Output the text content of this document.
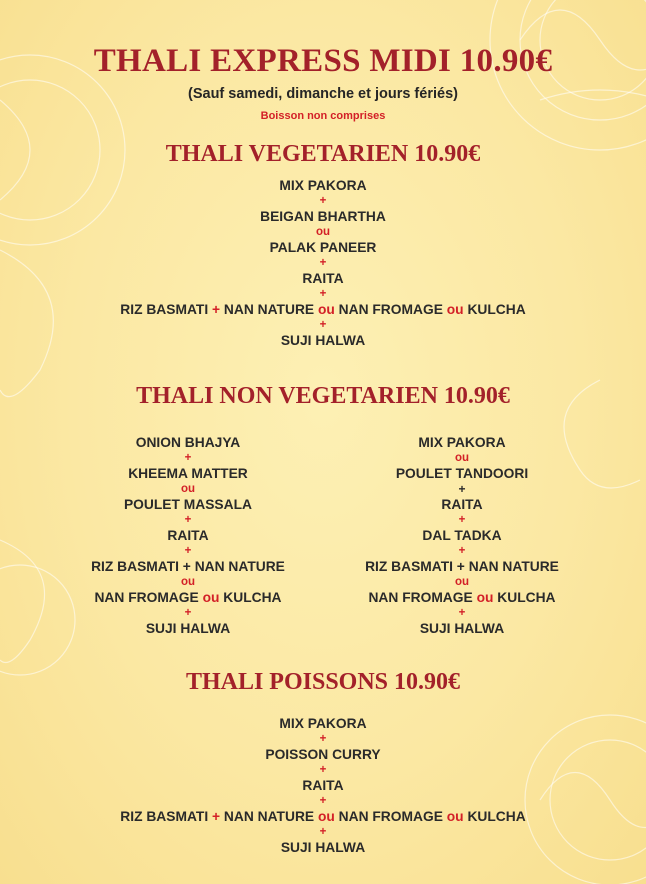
THALI EXPRESS MIDI 10.90€
(Sauf samedi, dimanche et jours fériés)
Boisson non comprises
THALI VEGETARIEN 10.90€
MIX PAKORA
+
BEIGAN BHARTHA
ou
PALAK PANEER
+
RAITA
+
RIZ BASMATI + NAN NATURE ou NAN FROMAGE ou KULCHA
+
SUJI HALWA
THALI NON VEGETARIEN 10.90€
ONION BHAJYA
+
KHEEMA MATTER
ou
POULET MASSALA
+
RAITA
+
RIZ BASMATI + NAN NATURE
ou
NAN FROMAGE ou KULCHA
+
SUJI HALWA
MIX PAKORA
ou
POULET TANDOORI
+
RAITA
+
DAL TADKA
+
RIZ BASMATI + NAN NATURE
ou
NAN FROMAGE ou KULCHA
+
SUJI HALWA
THALI POISSONS 10.90€
MIX PAKORA
+
POISSON CURRY
+
RAITA
+
RIZ BASMATI + NAN NATURE ou NAN FROMAGE ou KULCHA
+
SUJI HALWA
